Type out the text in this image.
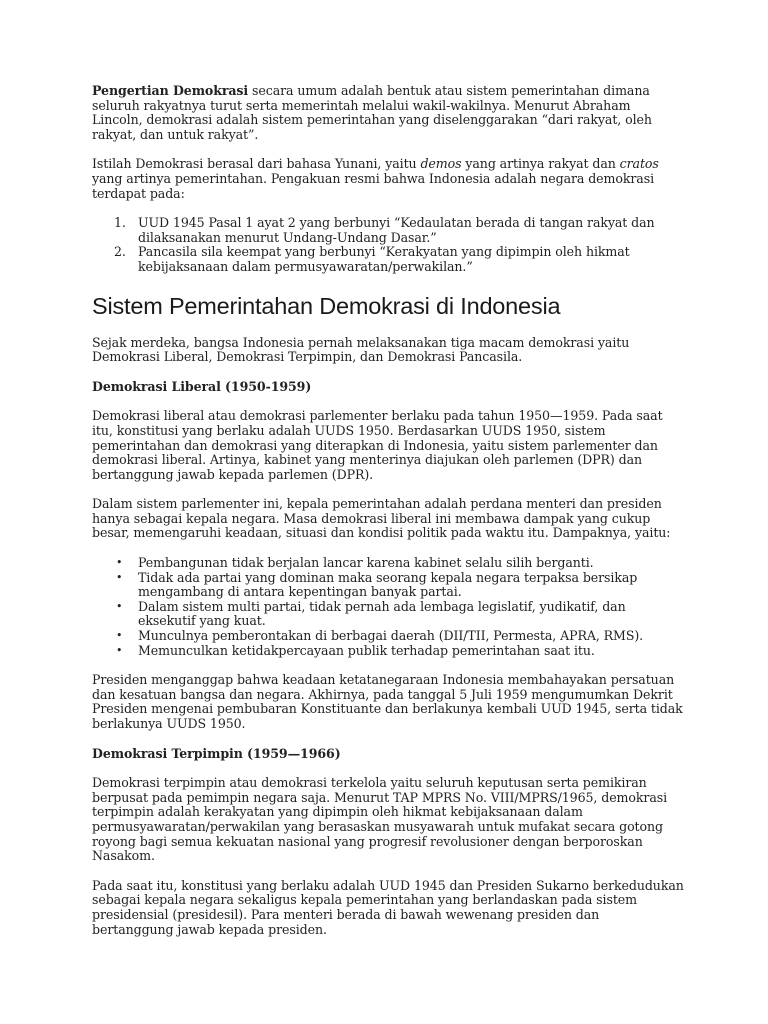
Pengertian Demokrasi secara umum adalah bentuk atau sistem pemerintahan dimana seluruh rakyatnya turut serta memerintah melalui wakil-wakilnya. Menurut Abraham Lincoln, demokrasi adalah sistem pemerintahan yang diselenggarakan “dari rakyat, oleh rakyat, dan untuk rakyat”.

Istilah Demokrasi berasal dari bahasa Yunani, yaitu demos yang artinya rakyat dan cratos yang artinya pemerintahan. Pengakuan resmi bahwa Indonesia adalah negara demokrasi terdapat pada:

1. UUD 1945 Pasal 1 ayat 2 yang berbunyi “Kedaulatan berada di tangan rakyat dan dilaksanakan menurut Undang-Undang Dasar.”
2. Pancasila sila keempat yang berbunyi “Kerakyatan yang dipimpin oleh hikmat kebijaksanaan dalam permusyawaratan/perwakilan.”
Sistem Pemerintahan Demokrasi di Indonesia

Sejak merdeka, bangsa Indonesia pernah melaksanakan tiga macam demokrasi yaitu Demokrasi Liberal, Demokrasi Terpimpin, dan Demokrasi Pancasila.

Demokrasi Liberal (1950-1959)

Demokrasi liberal atau demokrasi parlementer berlaku pada tahun 1950—1959. Pada saat itu, konstitusi yang berlaku adalah UUDS 1950. Berdasarkan UUDS 1950, sistem pemerintahan dan demokrasi yang diterapkan di Indonesia, yaitu sistem parlementer dan demokrasi liberal. Artinya, kabinet yang menterinya diajukan oleh parlemen (DPR) dan bertanggung jawab kepada parlemen (DPR).

Dalam sistem parlementer ini, kepala pemerintahan adalah perdana menteri dan presiden hanya sebagai kepala negara. Masa demokrasi liberal ini membawa dampak yang cukup besar, memengaruhi keadaan, situasi dan kondisi politik pada waktu itu. Dampaknya, yaitu:

• Pembangunan tidak berjalan lancar karena kabinet selalu silih berganti.
• Tidak ada partai yang dominan maka seorang kepala negara terpaksa bersikap mengambang di antara kepentingan banyak partai.
• Dalam sistem multi partai, tidak pernah ada lembaga legislatif, yudikatif, dan eksekutif yang kuat.
• Munculnya pemberontakan di berbagai daerah (DII/TII, Permesta, APRA, RMS).
• Memunculkan ketidakpercayaan publik terhadap pemerintahan saat itu.

Presiden menganggap bahwa keadaan ketatanegaraan Indonesia membahayakan persatuan dan kesatuan bangsa dan negara. Akhirnya, pada tanggal 5 Juli 1959 mengumumkan Dekrit Presiden mengenai pembubaran Konstituante dan berlakunya kembali UUD 1945, serta tidak berlakunya UUDS 1950.

Demokrasi Terpimpin (1959—1966)

Demokrasi terpimpin atau demokrasi terkelola yaitu seluruh keputusan serta pemikiran berpusat pada pemimpin negara saja. Menurut TAP MPRS No. VIII/MPRS/1965, demokrasi terpimpin adalah kerakyatan yang dipimpin oleh hikmat kebijaksanaan dalam permusyawaratan/perwakilan yang berasaskan musyawarah untuk mufakat secara gotong royong bagi semua kekuatan nasional yang progresif revolusioner dengan berporoskan Nasakom.

Pada saat itu, konstitusi yang berlaku adalah UUD 1945 dan Presiden Sukarno berkedudukan sebagai kepala negara sekaligus kepala pemerintahan yang berlandaskan pada sistem presidensial (presidesil). Para menteri berada di bawah wewenang presiden dan bertanggung jawab kepada presiden.
